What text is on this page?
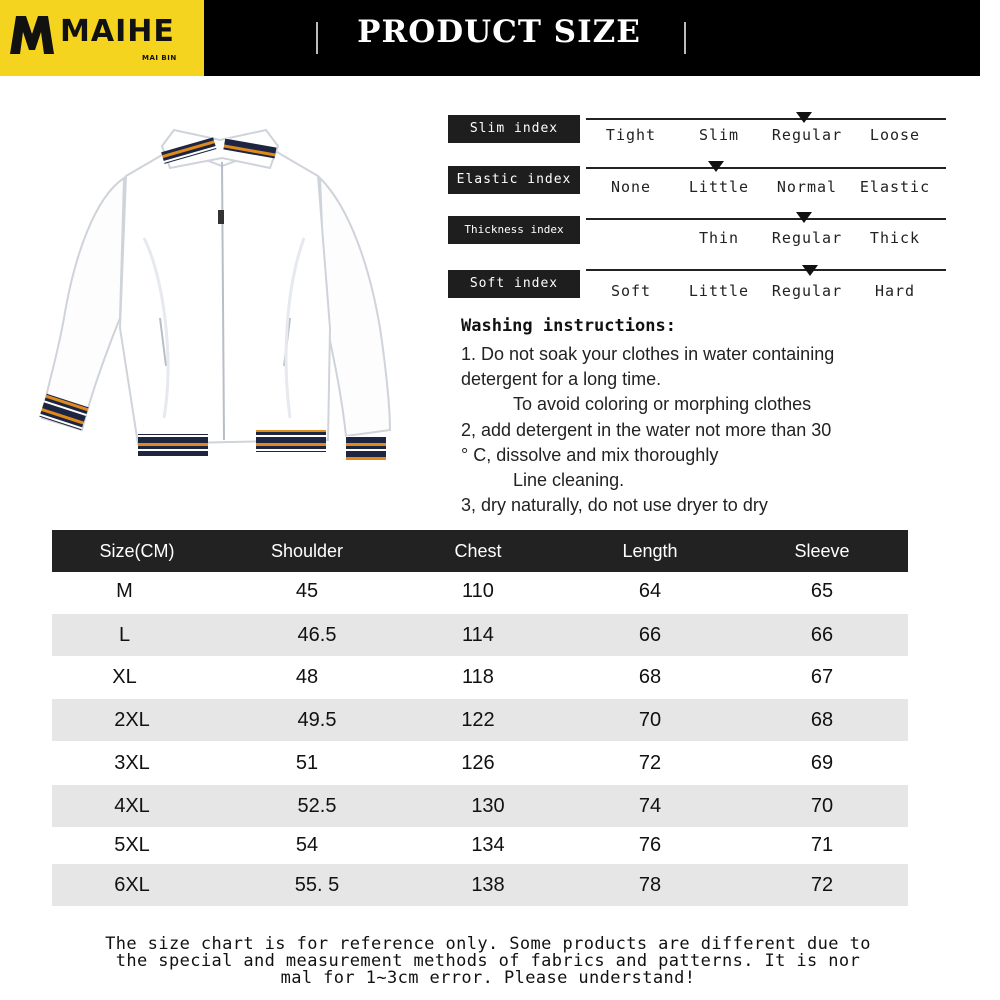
MAIHE
MAI BIN
PRODUCT SIZE
Slim index	Tight	Slim	Regular	Loose
Elastic index	None	Little	Normal	Elastic
Thickness index	Thin	Regular	Thick
Soft index	Soft	Little	Regular	Hard
Washing instructions:
1. Do not soak your clothes in water containing
detergent for a long time.
To avoid coloring or morphing clothes
2, add detergent in the water not more than 30
° C, dissolve and mix thoroughly
Line cleaning.
3, dry naturally, do not use dryer to dry
Size(CM)	Shoulder	Chest	Length	Sleeve
M	45	110	64	65
L	46.5	114	66	66
XL	48	118	68	67
2XL	49.5	122	70	68
3XL	51	126	72	69
4XL	52.5	130	74	70
5XL	54	134	76	71
6XL	55. 5	138	78	72
The size chart is for reference only. Some products are different due to
the special and measurement methods of fabrics and patterns. It is nor
mal for 1~3cm error. Please understand!
